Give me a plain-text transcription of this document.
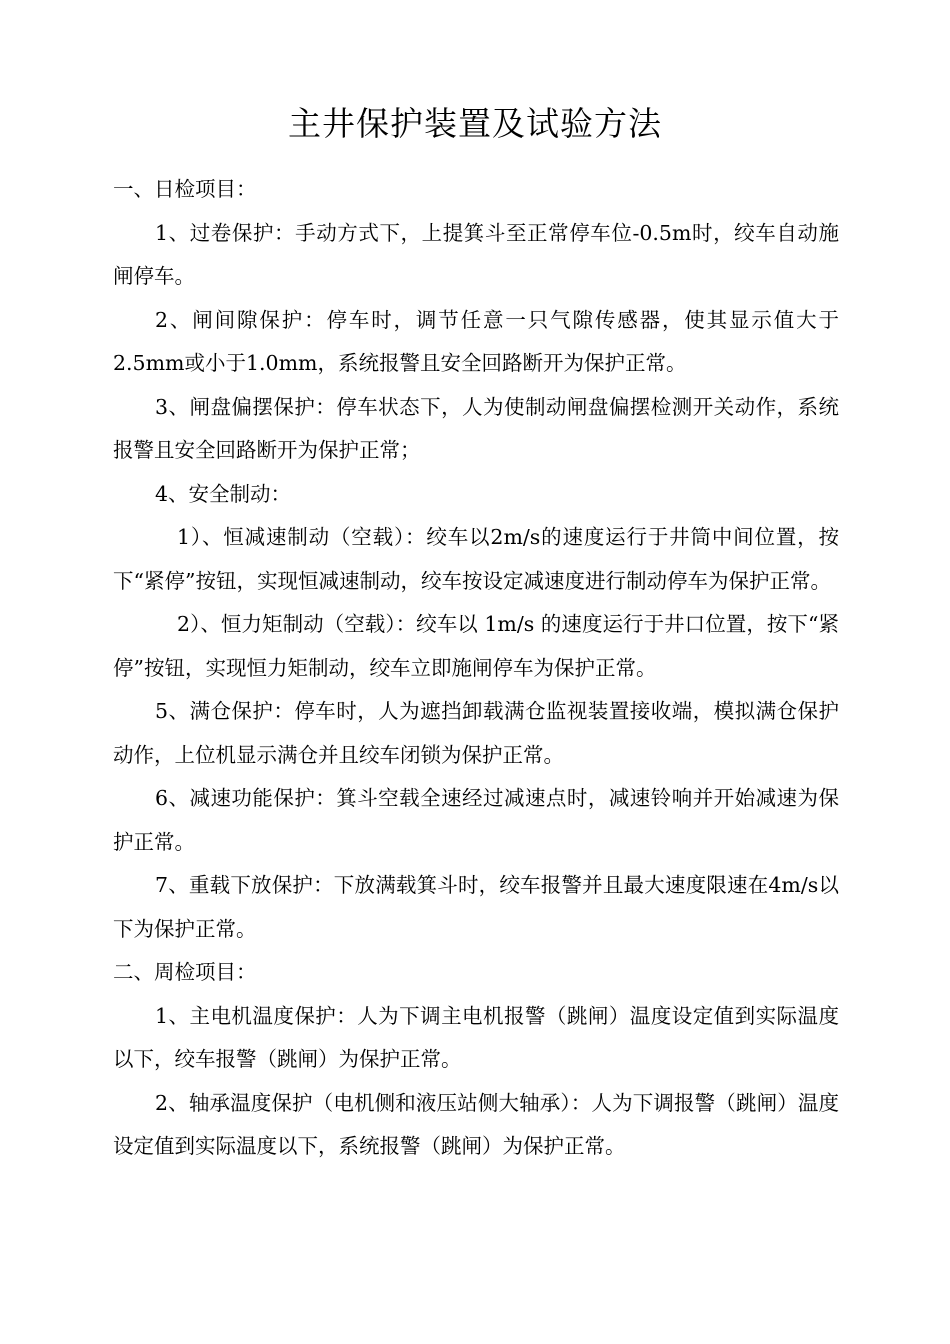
主井保护装置及试验方法

一、日检项目：

1、过卷保护：手动方式下，上提箕斗至正常停车位-0.5m时，绞车自动施闸停车。

2、闸间隙保护：停车时，调节任意一只气隙传感器，使其显示值大于2.5mm或小于1.0mm，系统报警且安全回路断开为保护正常。

3、闸盘偏摆保护：停车状态下，人为使制动闸盘偏摆检测开关动作，系统报警且安全回路断开为保护正常；

4、安全制动：

1）、恒减速制动（空载）：绞车以2m/s的速度运行于井筒中间位置，按下“紧停”按钮，实现恒减速制动，绞车按设定减速度进行制动停车为保护正常。

2）、恒力矩制动（空载）：绞车以 1m/s 的速度运行于井口位置，按下“紧停”按钮，实现恒力矩制动，绞车立即施闸停车为保护正常。

5、满仓保护：停车时，人为遮挡卸载满仓监视装置接收端，模拟满仓保护动作，上位机显示满仓并且绞车闭锁为保护正常。

6、减速功能保护：箕斗空载全速经过减速点时，减速铃响并开始减速为保护正常。

7、重载下放保护：下放满载箕斗时，绞车报警并且最大速度限速在4m/s以下为保护正常。

二、周检项目：

1、主电机温度保护：人为下调主电机报警（跳闸）温度设定值到实际温度以下，绞车报警（跳闸）为保护正常。

2、轴承温度保护（电机侧和液压站侧大轴承）：人为下调报警（跳闸）温度设定值到实际温度以下，系统报警（跳闸）为保护正常。
